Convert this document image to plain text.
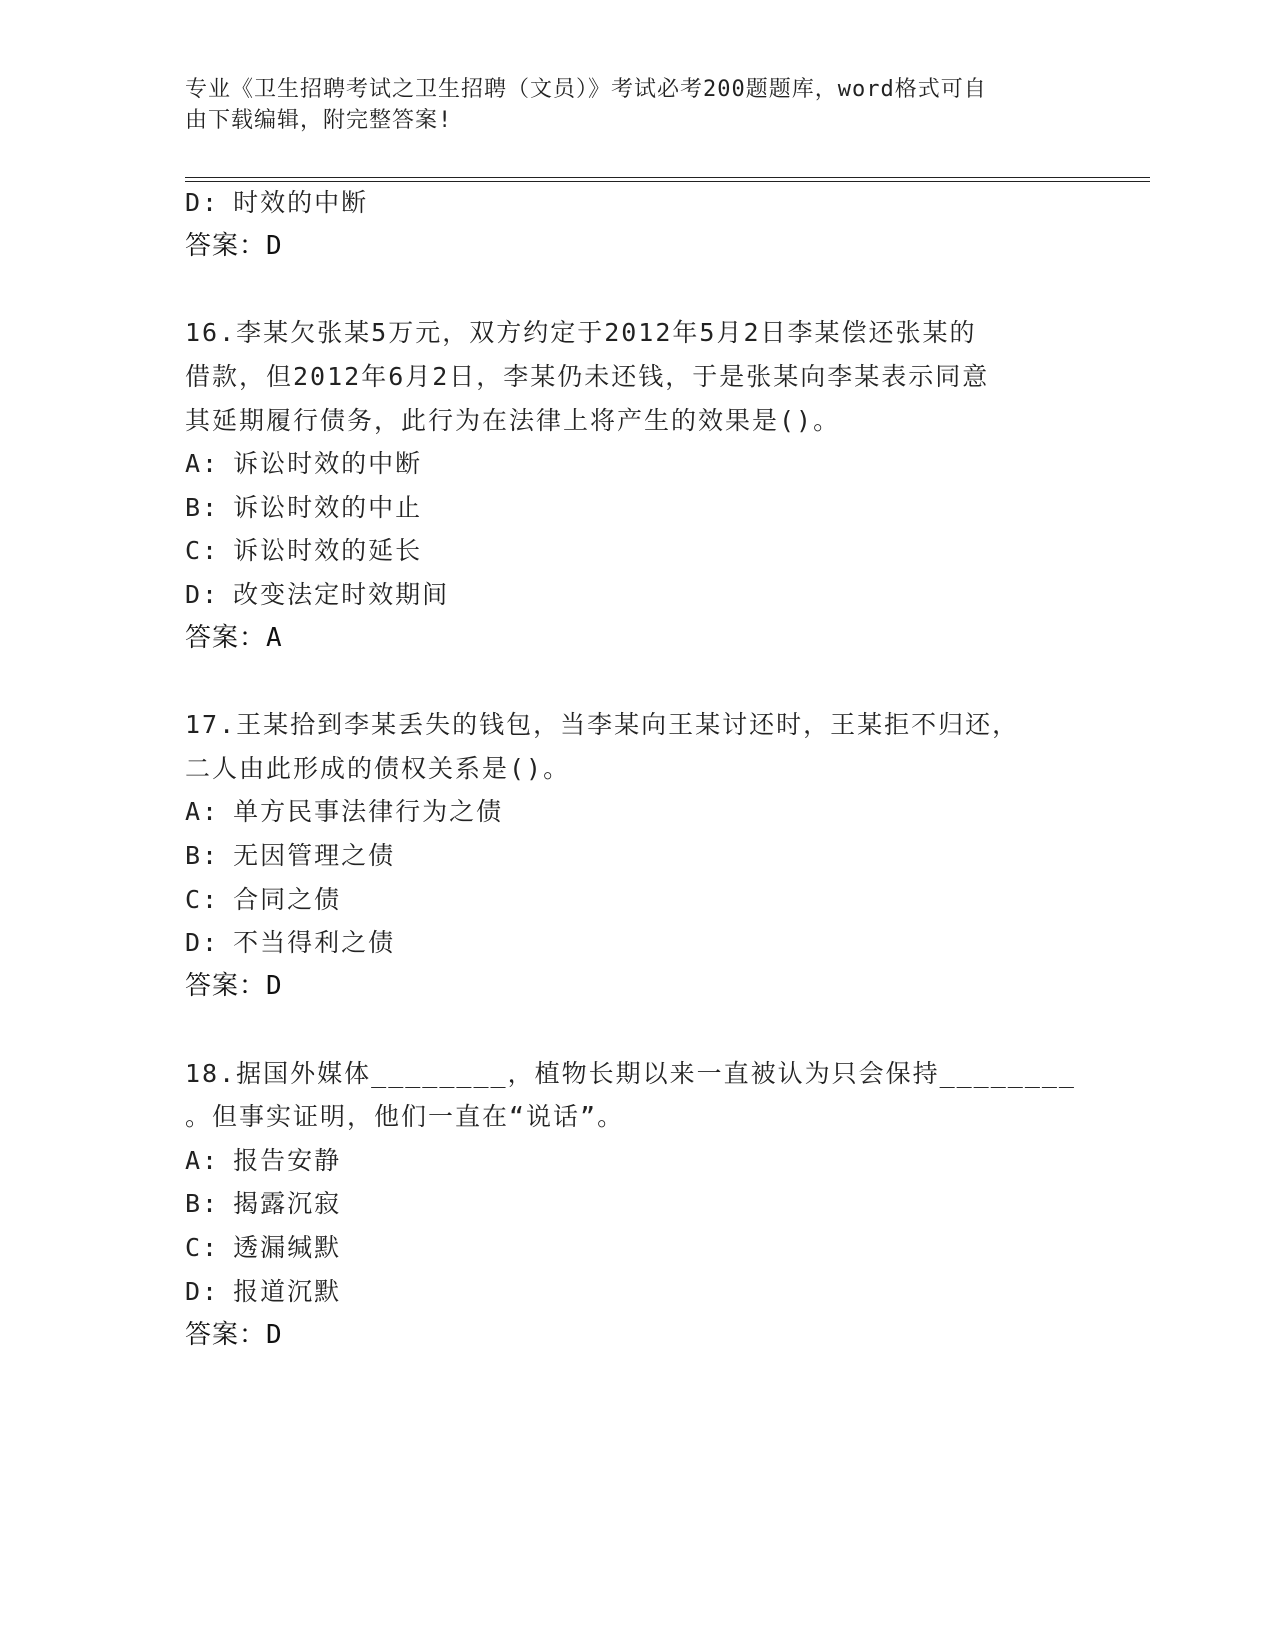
专业《卫生招聘考试之卫生招聘（文员）》考试必考200题题库，word格式可自
由下载编辑，附完整答案!
D: 时效的中断
答案：D
16.李某欠张某5万元，双方约定于2012年5月2日李某偿还张某的
借款，但2012年6月2日，李某仍未还钱，于是张某向李某表示同意
其延期履行债务，此行为在法律上将产生的效果是()。
A: 诉讼时效的中断
B: 诉讼时效的中止
C: 诉讼时效的延长
D: 改变法定时效期间
答案：A
17.王某拾到李某丢失的钱包，当李某向王某讨还时，王某拒不归还，
二人由此形成的债权关系是()。
A: 单方民事法律行为之债
B: 无因管理之债
C: 合同之债
D: 不当得利之债
答案：D
18.据国外媒体________，植物长期以来一直被认为只会保持________
。但事实证明，他们一直在“说话”。
A: 报告安静
B: 揭露沉寂
C: 透漏缄默
D: 报道沉默
答案：D
